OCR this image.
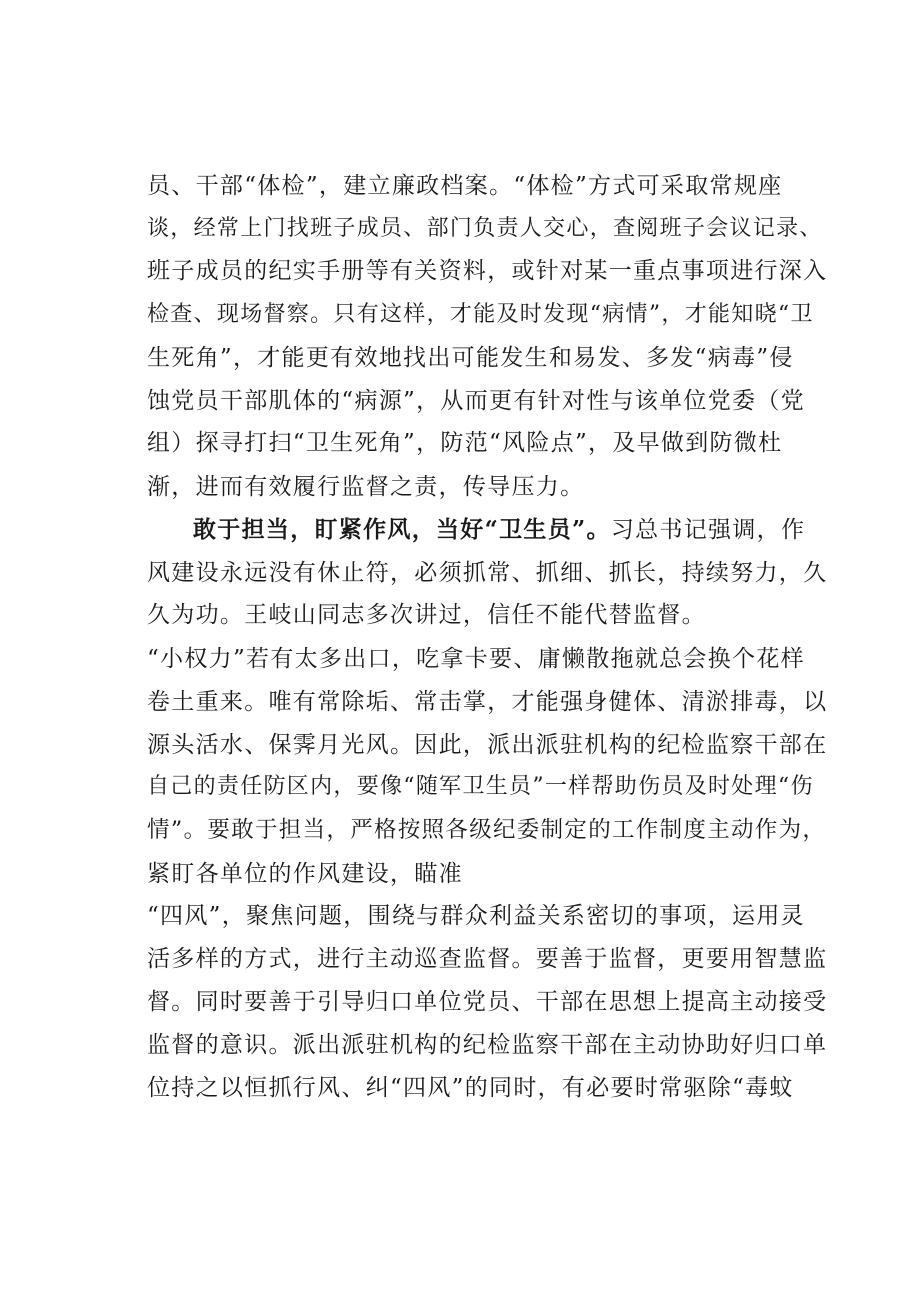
员、干部“体检”，建立廉政档案。“体检”方式可采取常规座
谈，经常上门找班子成员、部门负责人交心，查阅班子会议记录、
班子成员的纪实手册等有关资料，或针对某一重点事项进行深入
检查、现场督察。只有这样，才能及时发现“病情”，才能知晓“卫
生死角”，才能更有效地找出可能发生和易发、多发“病毒”侵
蚀党员干部肌体的“病源”，从而更有针对性与该单位党委（党
组）探寻打扫“卫生死角”，防范“风险点”，及早做到防微杜
渐，进而有效履行监督之责，传导压力。
敢于担当，盯紧作风，当好“卫生员”。习总书记强调，作
风建设永远没有休止符，必须抓常、抓细、抓长，持续努力，久
久为功。王岐山同志多次讲过，信任不能代替监督。
“小权力”若有太多出口，吃拿卡要、庸懒散拖就总会换个花样
卷土重来。唯有常除垢、常击掌，才能强身健体、清淤排毒，以
源头活水、保霁月光风。因此，派出派驻机构的纪检监察干部在
自己的责任防区内，要像“随军卫生员”一样帮助伤员及时处理“伤
情”。要敢于担当，严格按照各级纪委制定的工作制度主动作为，
紧盯各单位的作风建设，瞄准
“四风”，聚焦问题，围绕与群众利益关系密切的事项，运用灵
活多样的方式，进行主动巡查监督。要善于监督，更要用智慧监
督。同时要善于引导归口单位党员、干部在思想上提高主动接受
监督的意识。派出派驻机构的纪检监察干部在主动协助好归口单
位持之以恒抓行风、纠“四风”的同时，有必要时常驱除“毒蚊
